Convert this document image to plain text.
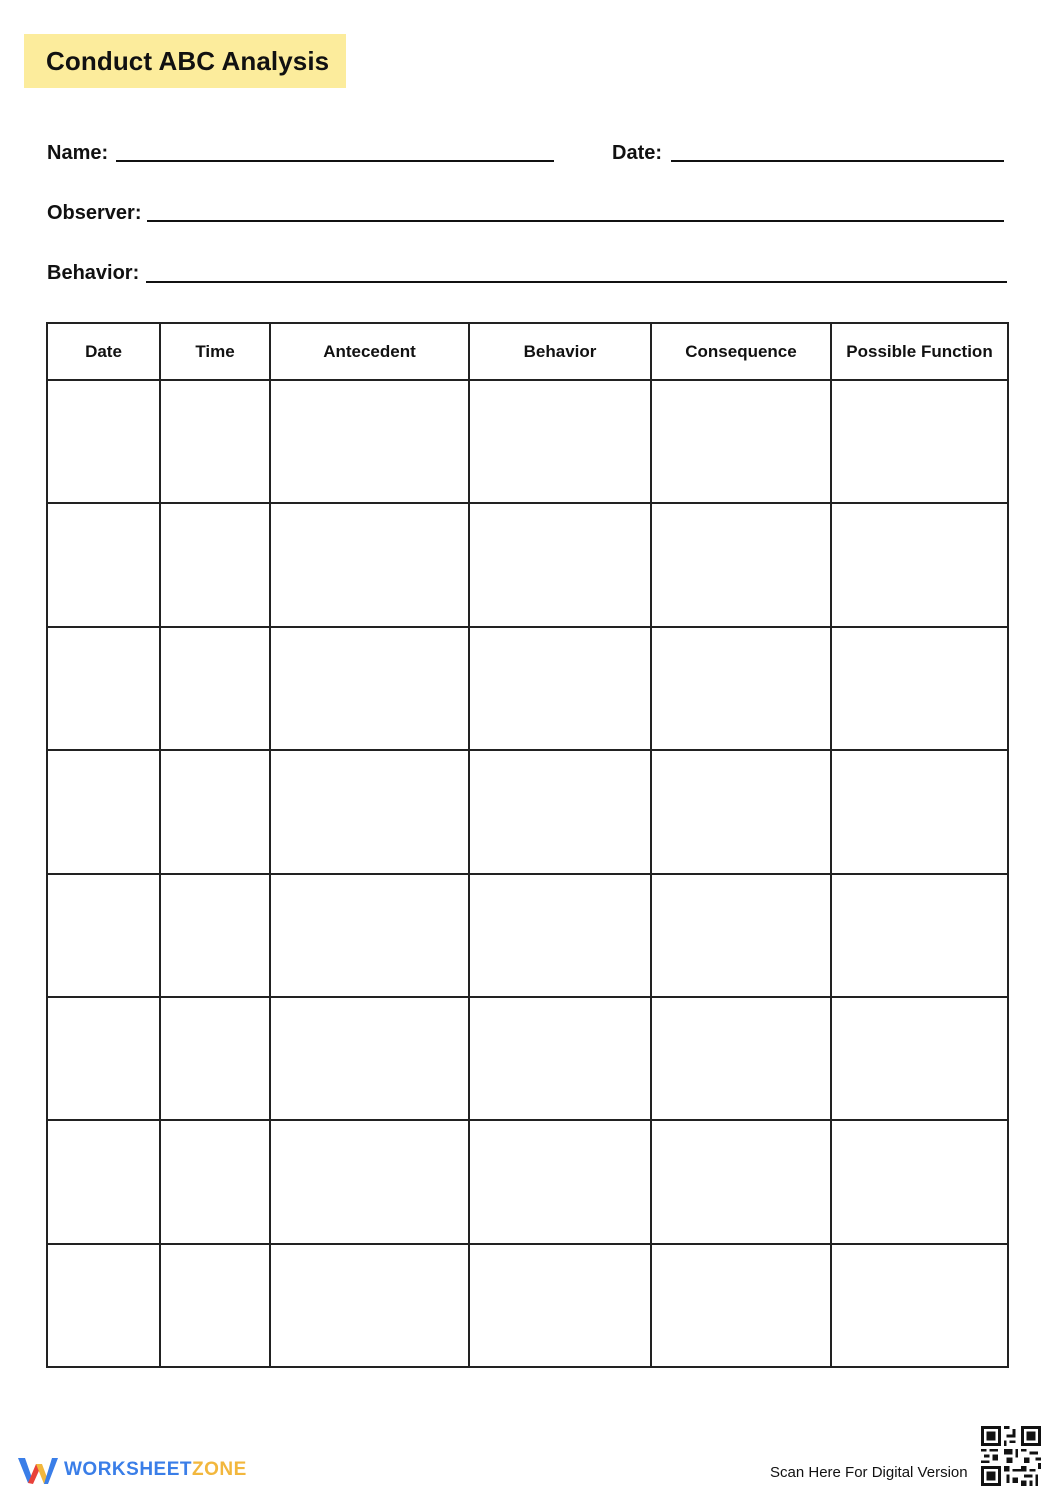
Conduct ABC Analysis
Name:	Date:
Observer:
Behavior:
Date	Time	Antecedent	Behavior	Consequence	Possible Function

WORKSHEETZONE	Scan Here For Digital Version
